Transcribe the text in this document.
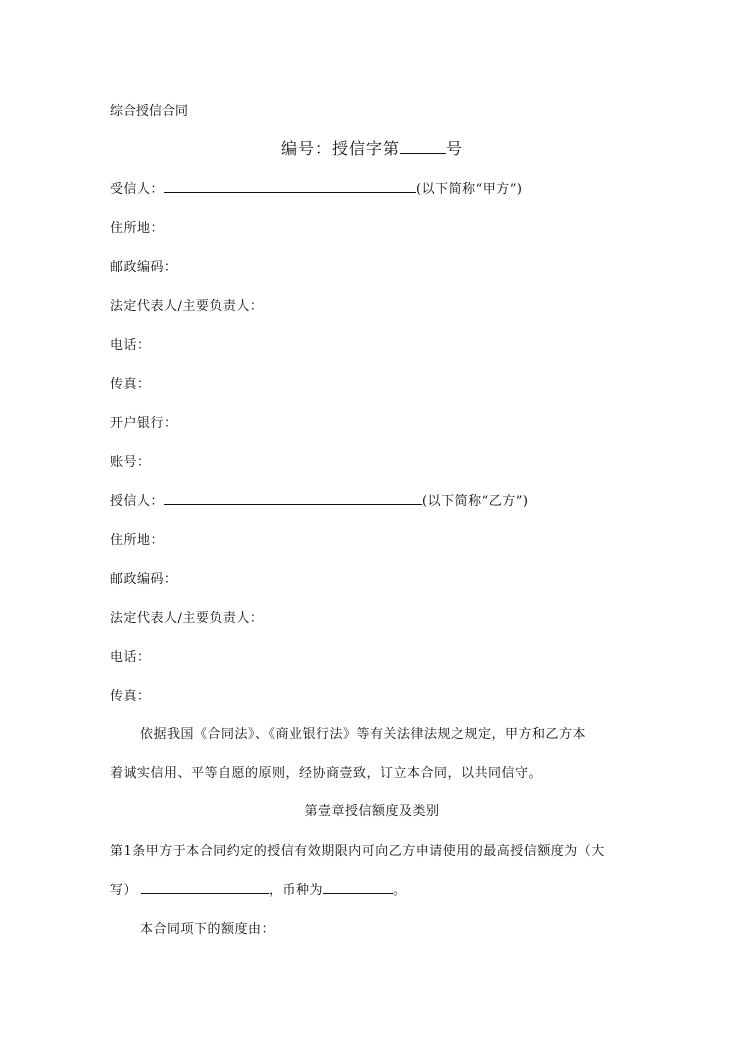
综合授信合同
编号：授信字第	号
受信人：	(以下简称“甲方”)
住所地：
邮政编码：
法定代表人/主要负责人：
电话：
传真：
开户银行：
账号：
授信人：	(以下简称“乙方”)
住所地：
邮政编码：
法定代表人/主要负责人：
电话：
传真：
依据我国《合同法》、《商业银行法》等有关法律法规之规定，甲方和乙方本
着诚实信用、平等自愿的原则，经协商壹致，订立本合同，以共同信守。
第壹章授信额度及类别
第1条甲方于本合同约定的授信有效期限内可向乙方申请使用的最高授信额度为（大
写）	，币种为	。
本合同项下的额度由：
